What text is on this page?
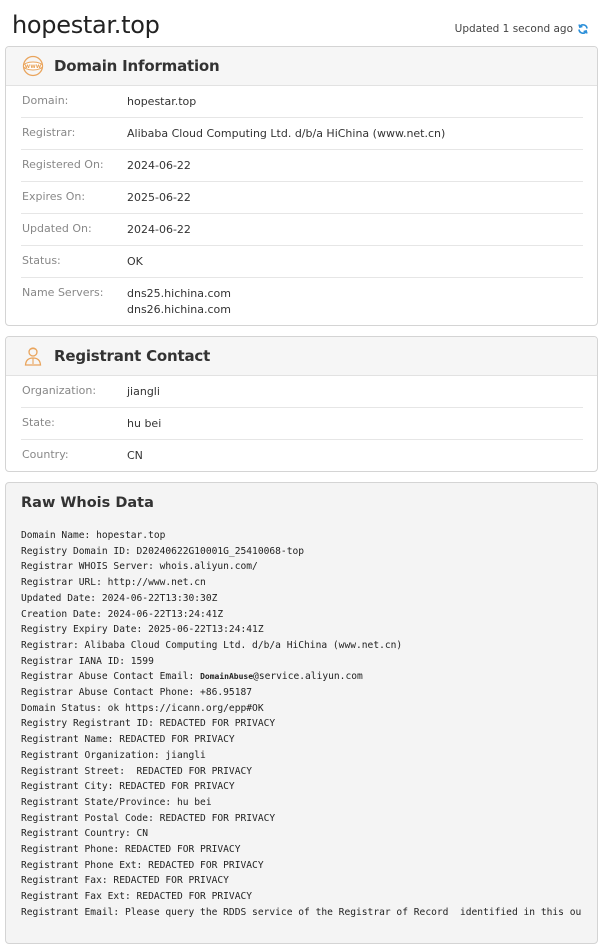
hopestar.top	Updated 1 second ago
www Domain Information
Domain:	hopestar.top
Registrar:	Alibaba Cloud Computing Ltd. d/b/a HiChina (www.net.cn)
Registered On:	2024-06-22
Expires On:	2025-06-22
Updated On:	2024-06-22
Status:	OK
Name Servers:	dns25.hichina.com
dns26.hichina.com
Registrant Contact
Organization:	jiangli
State:	hu bei
Country:	CN
Raw Whois Data
Domain Name: hopestar.top
Registry Domain ID: D20240622G10001G_25410068-top
Registrar WHOIS Server: whois.aliyun.com/
Registrar URL: http://www.net.cn
Updated Date: 2024-06-22T13:30:30Z
Creation Date: 2024-06-22T13:24:41Z
Registry Expiry Date: 2025-06-22T13:24:41Z
Registrar: Alibaba Cloud Computing Ltd. d/b/a HiChina (www.net.cn)
Registrar IANA ID: 1599
Registrar Abuse Contact Email: DomainAbuse@service.aliyun.com
Registrar Abuse Contact Phone: +86.95187
Domain Status: ok https://icann.org/epp#OK
Registry Registrant ID: REDACTED FOR PRIVACY
Registrant Name: REDACTED FOR PRIVACY
Registrant Organization: jiangli
Registrant Street:  REDACTED FOR PRIVACY
Registrant City: REDACTED FOR PRIVACY
Registrant State/Province: hu bei
Registrant Postal Code: REDACTED FOR PRIVACY
Registrant Country: CN
Registrant Phone: REDACTED FOR PRIVACY
Registrant Phone Ext: REDACTED FOR PRIVACY
Registrant Fax: REDACTED FOR PRIVACY
Registrant Fax Ext: REDACTED FOR PRIVACY
Registrant Email: Please query the RDDS service of the Registrar of Record  identified in this ou
